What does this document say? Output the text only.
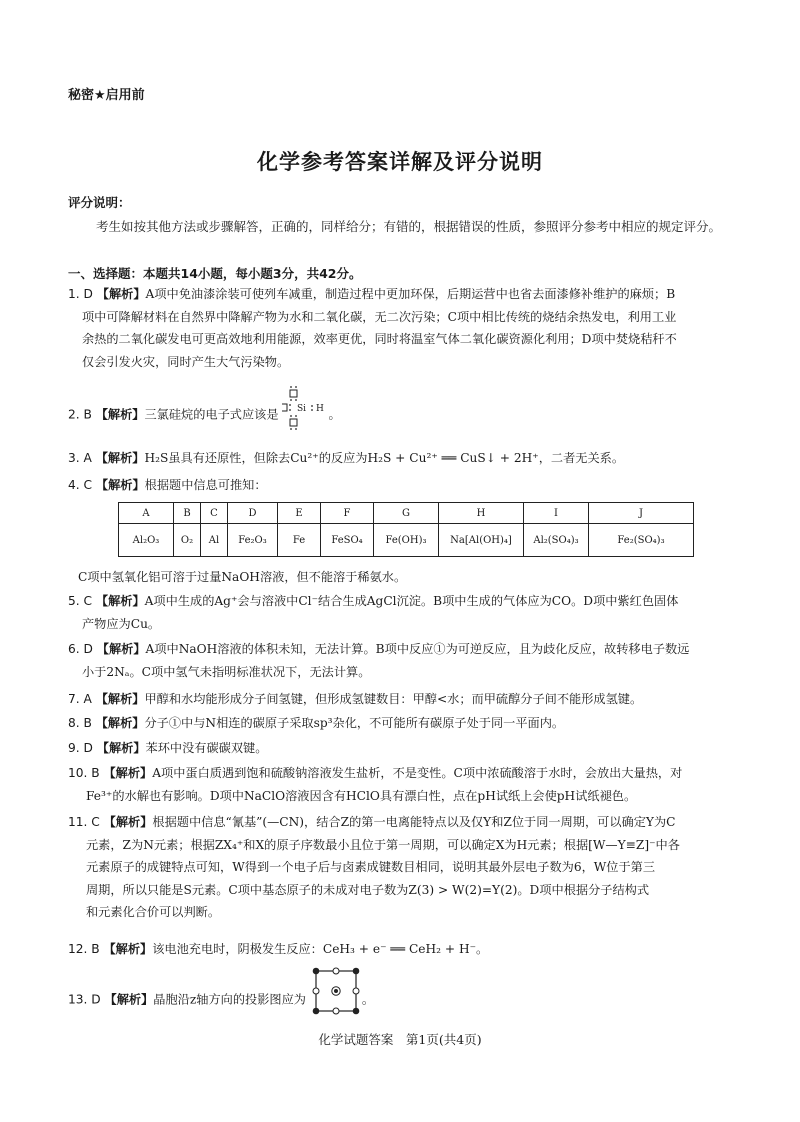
秘密★启用前
化学参考答案详解及评分说明
评分说明：
考生如按其他方法或步骤解答，正确的，同样给分；有错的，根据错误的性质，参照评分参考中相应的规定评分。
一、选择题：本题共14小题，每小题3分，共42分。
1. D 【解析】A项中免油漆涂装可使列车减重，制造过程中更加环保，后期运营中也省去面漆修补维护的麻烦；B
项中可降解材料在自然界中降解产物为水和二氧化碳，无二次污染；C项中相比传统的烧结余热发电，利用工业
余热的二氧化碳发电可更高效地利用能源，效率更优，同时将温室气体二氧化碳资源化利用；D项中焚烧秸秆不
仅会引发火灾，同时产生大气污染物。
2. B 【解析】三氯硅烷的电子式应该是 Si H 。
3. A 【解析】H₂S虽具有还原性，但除去Cu²⁺的反应为H₂S + Cu²⁺ ══ CuS↓ + 2H⁺，二者无关系。
4. C 【解析】根据题中信息可推知：
A	B	C	D	E	F	G	H	I	J
Al₂O₃	O₂	Al	Fe₂O₃	Fe	FeSO₄	Fe(OH)₃	Na[Al(OH)₄]	Al₂(SO₄)₃	Fe₂(SO₄)₃
C项中氢氧化铝可溶于过量NaOH溶液，但不能溶于稀氨水。
5. C 【解析】A项中生成的Ag⁺会与溶液中Cl⁻结合生成AgCl沉淀。B项中生成的气体应为CO。D项中紫红色固体
产物应为Cu。
6. D 【解析】A项中NaOH溶液的体积未知，无法计算。B项中反应①为可逆反应，且为歧化反应，故转移电子数远
小于2Nₐ。C项中氢气未指明标准状况下，无法计算。
7. A 【解析】甲醇和水均能形成分子间氢键，但形成氢键数目：甲醇<水；而甲硫醇分子间不能形成氢键。
8. B 【解析】分子①中与N相连的碳原子采取sp³杂化，不可能所有碳原子处于同一平面内。
9. D 【解析】苯环中没有碳碳双键。
10. B 【解析】A项中蛋白质遇到饱和硫酸钠溶液发生盐析，不是变性。C项中浓硫酸溶于水时，会放出大量热，对
Fe³⁺的水解也有影响。D项中NaClO溶液因含有HClO具有漂白性，点在pH试纸上会使pH试纸褪色。
11. C 【解析】根据题中信息“氰基”(—CN)，结合Z的第一电离能特点以及仅Y和Z位于同一周期，可以确定Y为C
元素，Z为N元素；根据ZX₄⁺和X的原子序数最小且位于第一周期，可以确定X为H元素；根据[W—Y≡Z]⁻中各
元素原子的成键特点可知，W得到一个电子后与卤素成键数目相同，说明其最外层电子数为6，W位于第三
周期，所以只能是S元素。C项中基态原子的未成对电子数为Z(3) > W(2)=Y(2)。D项中根据分子结构式
和元素化合价可以判断。
12. B 【解析】该电池充电时，阴极发生反应：CeH₃ + e⁻ ══ CeH₂ + H⁻。
13. D 【解析】晶胞沿z轴方向的投影图应为	。
化学试题答案　第1页(共4页)
